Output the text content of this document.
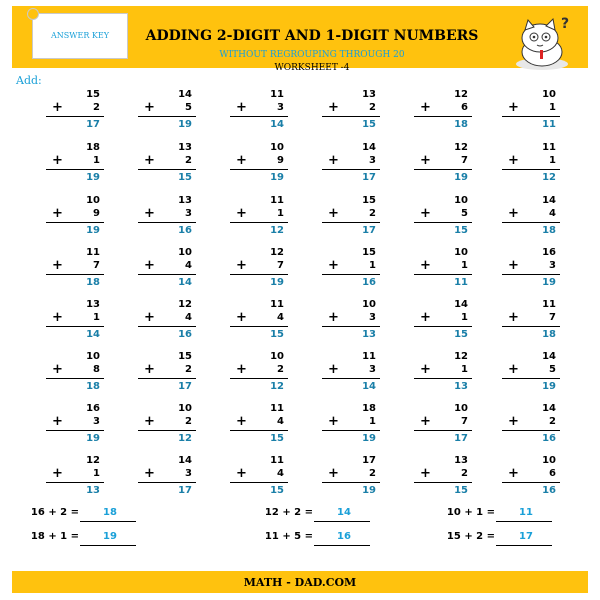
ANSWER KEY	ADDING 2-DIGIT AND 1-DIGIT NUMBERS
WITHOUT REGROUPING THROUGH 20
WORKSHEET -4
?
Add:
15
+	2
17
14
+	5
19
11
+	3
14
13
+	2
15
12
+	6
18
10
+	1
11
18
+	1
19
13
+	2
15
10
+	9
19
14
+	3
17
12
+	7
19
11
+	1
12
10
+	9
19
13
+	3
16
11
+	1
12
15
+	2
17
10
+	5
15
14
+	4
18
11
+	7
18
10
+	4
14
12
+	7
19
15
+	1
16
10
+	1
11
16
+	3
19
13
+	1
14
12
+	4
16
11
+	4
15
10
+	3
13
14
+	1
15
11
+	7
18
10
+	8
18
15
+	2
17
10
+	2
12
11
+	3
14
12
+	1
13
14
+	5
19
16
+	3
19
10
+	2
12
11
+	4
15
18
+	1
19
10
+	7
17
14
+	2
16
12
+	1
13
14
+	3
17
11
+	4
15
17
+	2
19
13
+	2
15
10
+	6
16
16 + 2 =	18	12 + 2 =	14	10 + 1 =	11
18 + 1 =	19	11 + 5 =	16	15 + 2 =	17
MATH - DAD.COM
